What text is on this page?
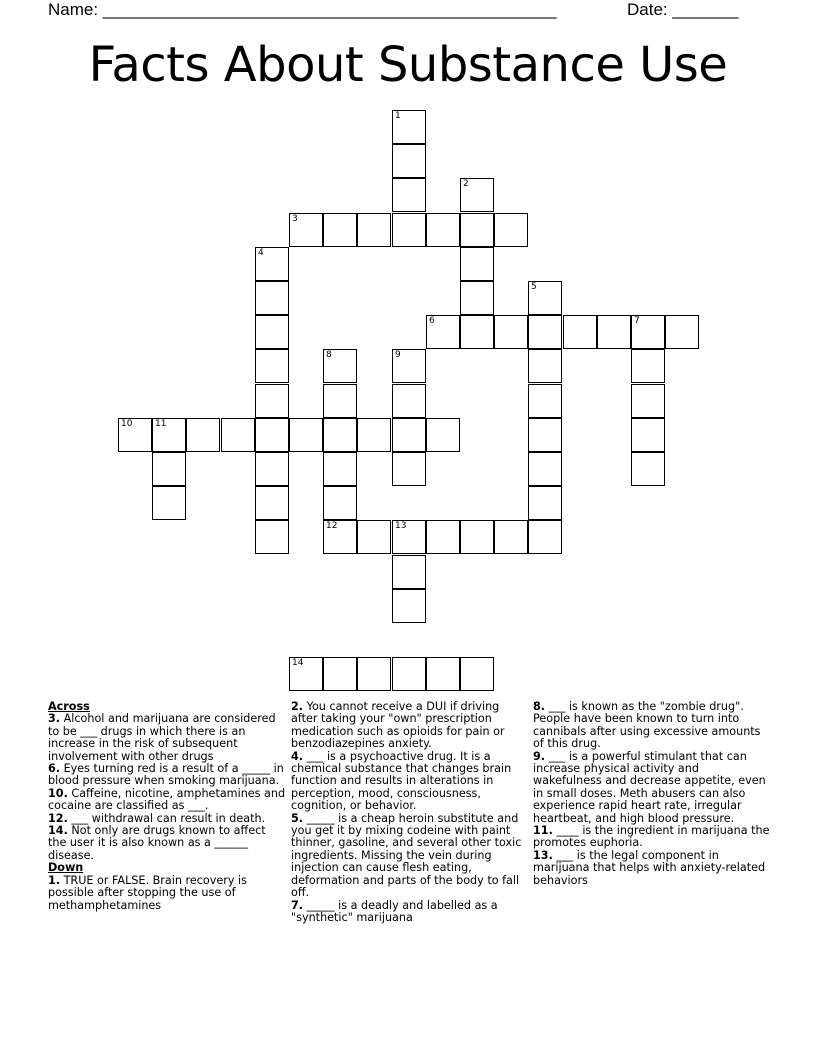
Name: ________________________________________________	Date: _______
Facts About Substance Use
1
2
3
4
5
6	7
8	9
10	11
12	13
14
Across
3. Alcohol and marijuana are considered to be ___ drugs in which there is an increase in the risk of subsequent involvement with other drugs
6. Eyes turning red is a result of a _____ in blood pressure when smoking marijuana.
10. Caffeine, nicotine, amphetamines and cocaine are classified as ___.
12. ___ withdrawal can result in death.
14. Not only are drugs known to affect the user it is also known as a ______ disease.
Down
1. TRUE or FALSE. Brain recovery is possible after stopping the use of methamphetamines
2. You cannot receive a DUI if driving after taking your "own" prescription medication such as opioids for pain or benzodiazepines anxiety.
4. ___ is a psychoactive drug. It is a chemical substance that changes brain function and results in alterations in perception, mood, consciousness, cognition, or behavior.
5. _____ is a cheap heroin substitute and you get it by mixing codeine with paint thinner, gasoline, and several other toxic ingredients. Missing the vein during injection can cause flesh eating, deformation and parts of the body to fall off.
7. _____ is a deadly and labelled as a "synthetic" marijuana
8. ___ is known as the "zombie drug". People have been known to turn into cannibals after using excessive amounts of this drug.
9. ___ is a powerful stimulant that can increase physical activity and wakefulness and decrease appetite, even in small doses. Meth abusers can also experience rapid heart rate, irregular heartbeat, and high blood pressure.
11. ____ is the ingredient in marijuana the promotes euphoria.
13. ___ is the legal component in marijuana that helps with anxiety-related behaviors
